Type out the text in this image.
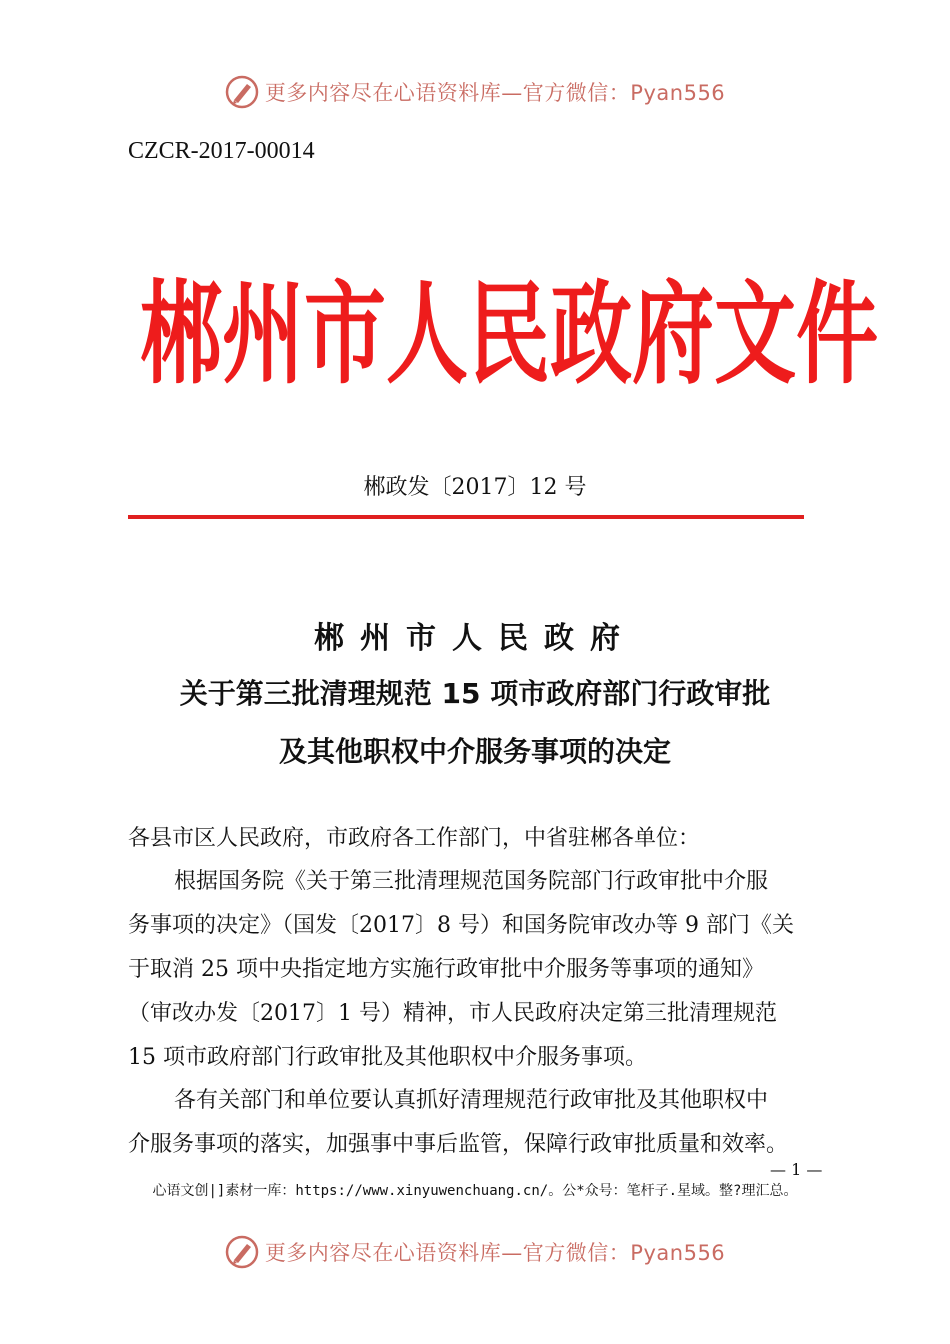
更多内容尽在心语资料库—官方微信：Pyan556
CZCR-2017-00014
郴 州 市 人 民 政 府 文 件
郴政发〔2017〕12 号
郴州市人民政府
关于第三批清理规范 15 项市政府部门行政审批
及其他职权中介服务事项的决定
各县市区人民政府，市政府各工作部门，中省驻郴各单位：
根据国务院《关于第三批清理规范国务院部门行政审批中介服
务事项的决定》（国发〔2017〕8 号）和国务院审改办等 9 部门《关
于取消 25 项中央指定地方实施行政审批中介服务等事项的通知》
（审改办发〔2017〕1 号）精神，市人民政府决定第三批清理规范
15 项市政府部门行政审批及其他职权中介服务事项。
各有关部门和单位要认真抓好清理规范行政审批及其他职权中
介服务事项的落实，加强事中事后监管，保障行政审批质量和效率。
— 1 —
心语文创|]素材一库：https://www.xinyuwenchuang.cn/。公*众号：笔杆子.星域。整?理汇总。
更多内容尽在心语资料库—官方微信：Pyan556
